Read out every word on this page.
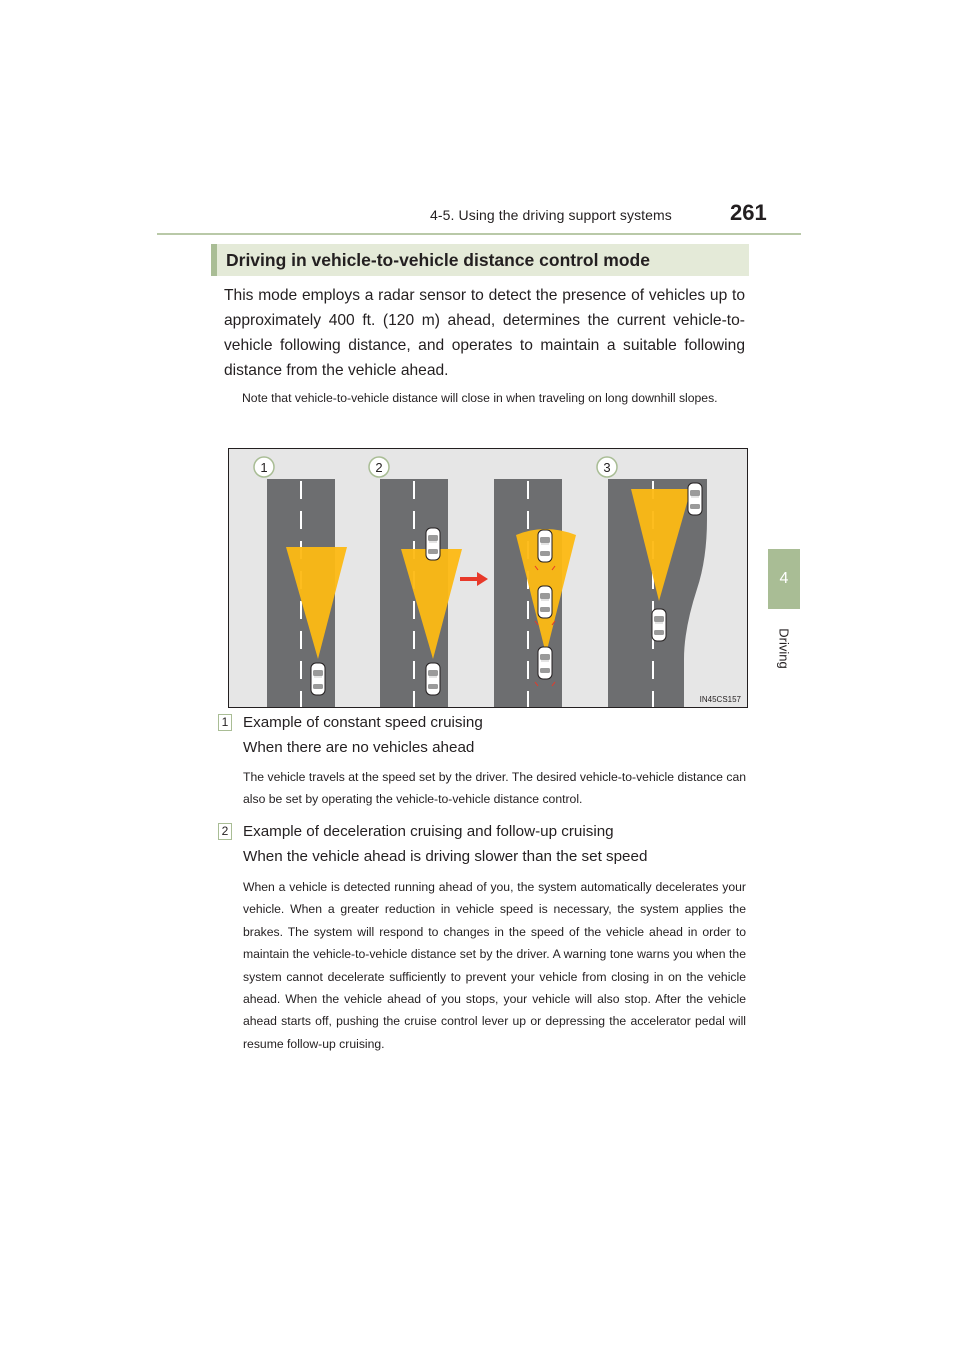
4-5. Using the driving support systems	261
4
Driving
Driving in vehicle-to-vehicle distance control mode

This mode employs a radar sensor to detect the presence of vehicles up to approximately 400 ft. (120 m) ahead, determines the current vehicle-to-vehicle following distance, and operates to maintain a suitable following distance from the vehicle ahead.

Note that vehicle-to-vehicle distance will close in when traveling on long downhill slopes.

1	2	3
IN45CS157
1 Example of constant speed cruising
When there are no vehicles ahead

The vehicle travels at the speed set by the driver. The desired vehicle-to-vehicle distance can also be set by operating the vehicle-to-vehicle distance control.

2 Example of deceleration cruising and follow-up cruising
When the vehicle ahead is driving slower than the set speed

When a vehicle is detected running ahead of you, the system automatically decelerates your vehicle. When a greater reduction in vehicle speed is necessary, the system applies the brakes. The system will respond to changes in the speed of the vehicle ahead in order to maintain the vehicle-to-vehicle distance set by the driver. A warning tone warns you when the system cannot decelerate sufficiently to prevent your vehicle from closing in on the vehicle ahead. When the vehicle ahead of you stops, your vehicle will also stop. After the vehicle ahead starts off, pushing the cruise control lever up or depressing the accelerator pedal will resume follow-up cruising.
